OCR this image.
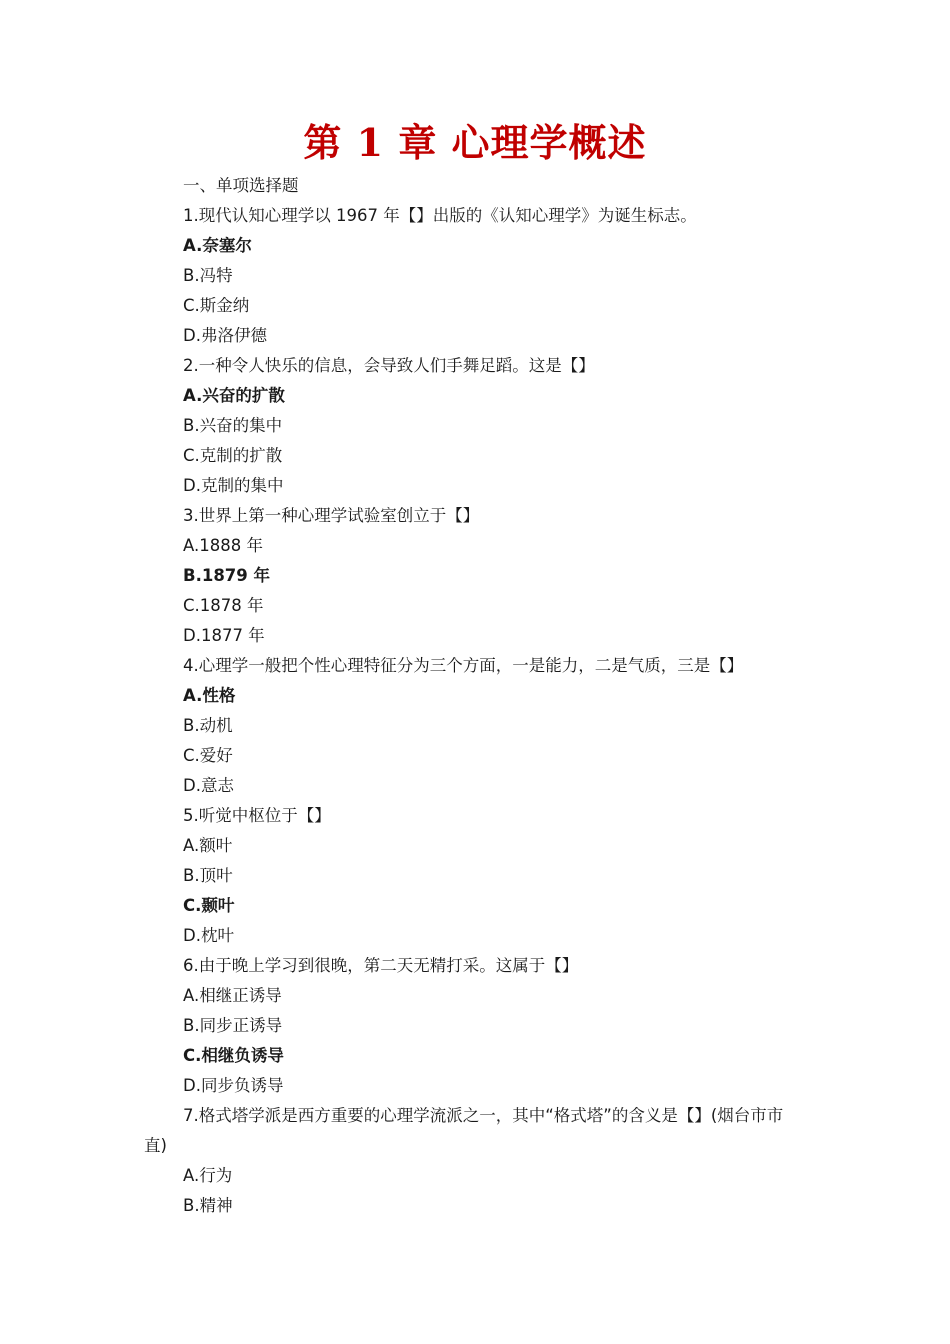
第 1 章 心理学概述
一、单项选择题
1.现代认知心理学以 1967 年【】出版的《认知心理学》为诞生标志。
A.奈塞尔
B.冯特
C.斯金纳
D.弗洛伊德
2.一种令人快乐的信息，会导致人们手舞足蹈。这是【】
A.兴奋的扩散
B.兴奋的集中
C.克制的扩散
D.克制的集中
3.世界上第一种心理学试验室创立于【】
A.1888 年
B.1879 年
C.1878 年
D.1877 年
4.心理学一般把个性心理特征分为三个方面，一是能力，二是气质，三是【】
A.性格
B.动机
C.爱好
D.意志
5.听觉中枢位于【】
A.额叶
B.顶叶
C.颞叶
D.枕叶
6.由于晚上学习到很晚，第二天无精打采。这属于【】
A.相继正诱导
B.同步正诱导
C.相继负诱导
D.同步负诱导
7.格式塔学派是西方重要的心理学流派之一，其中“格式塔”的含义是【】(烟台市市直)
A.行为
B.精神
